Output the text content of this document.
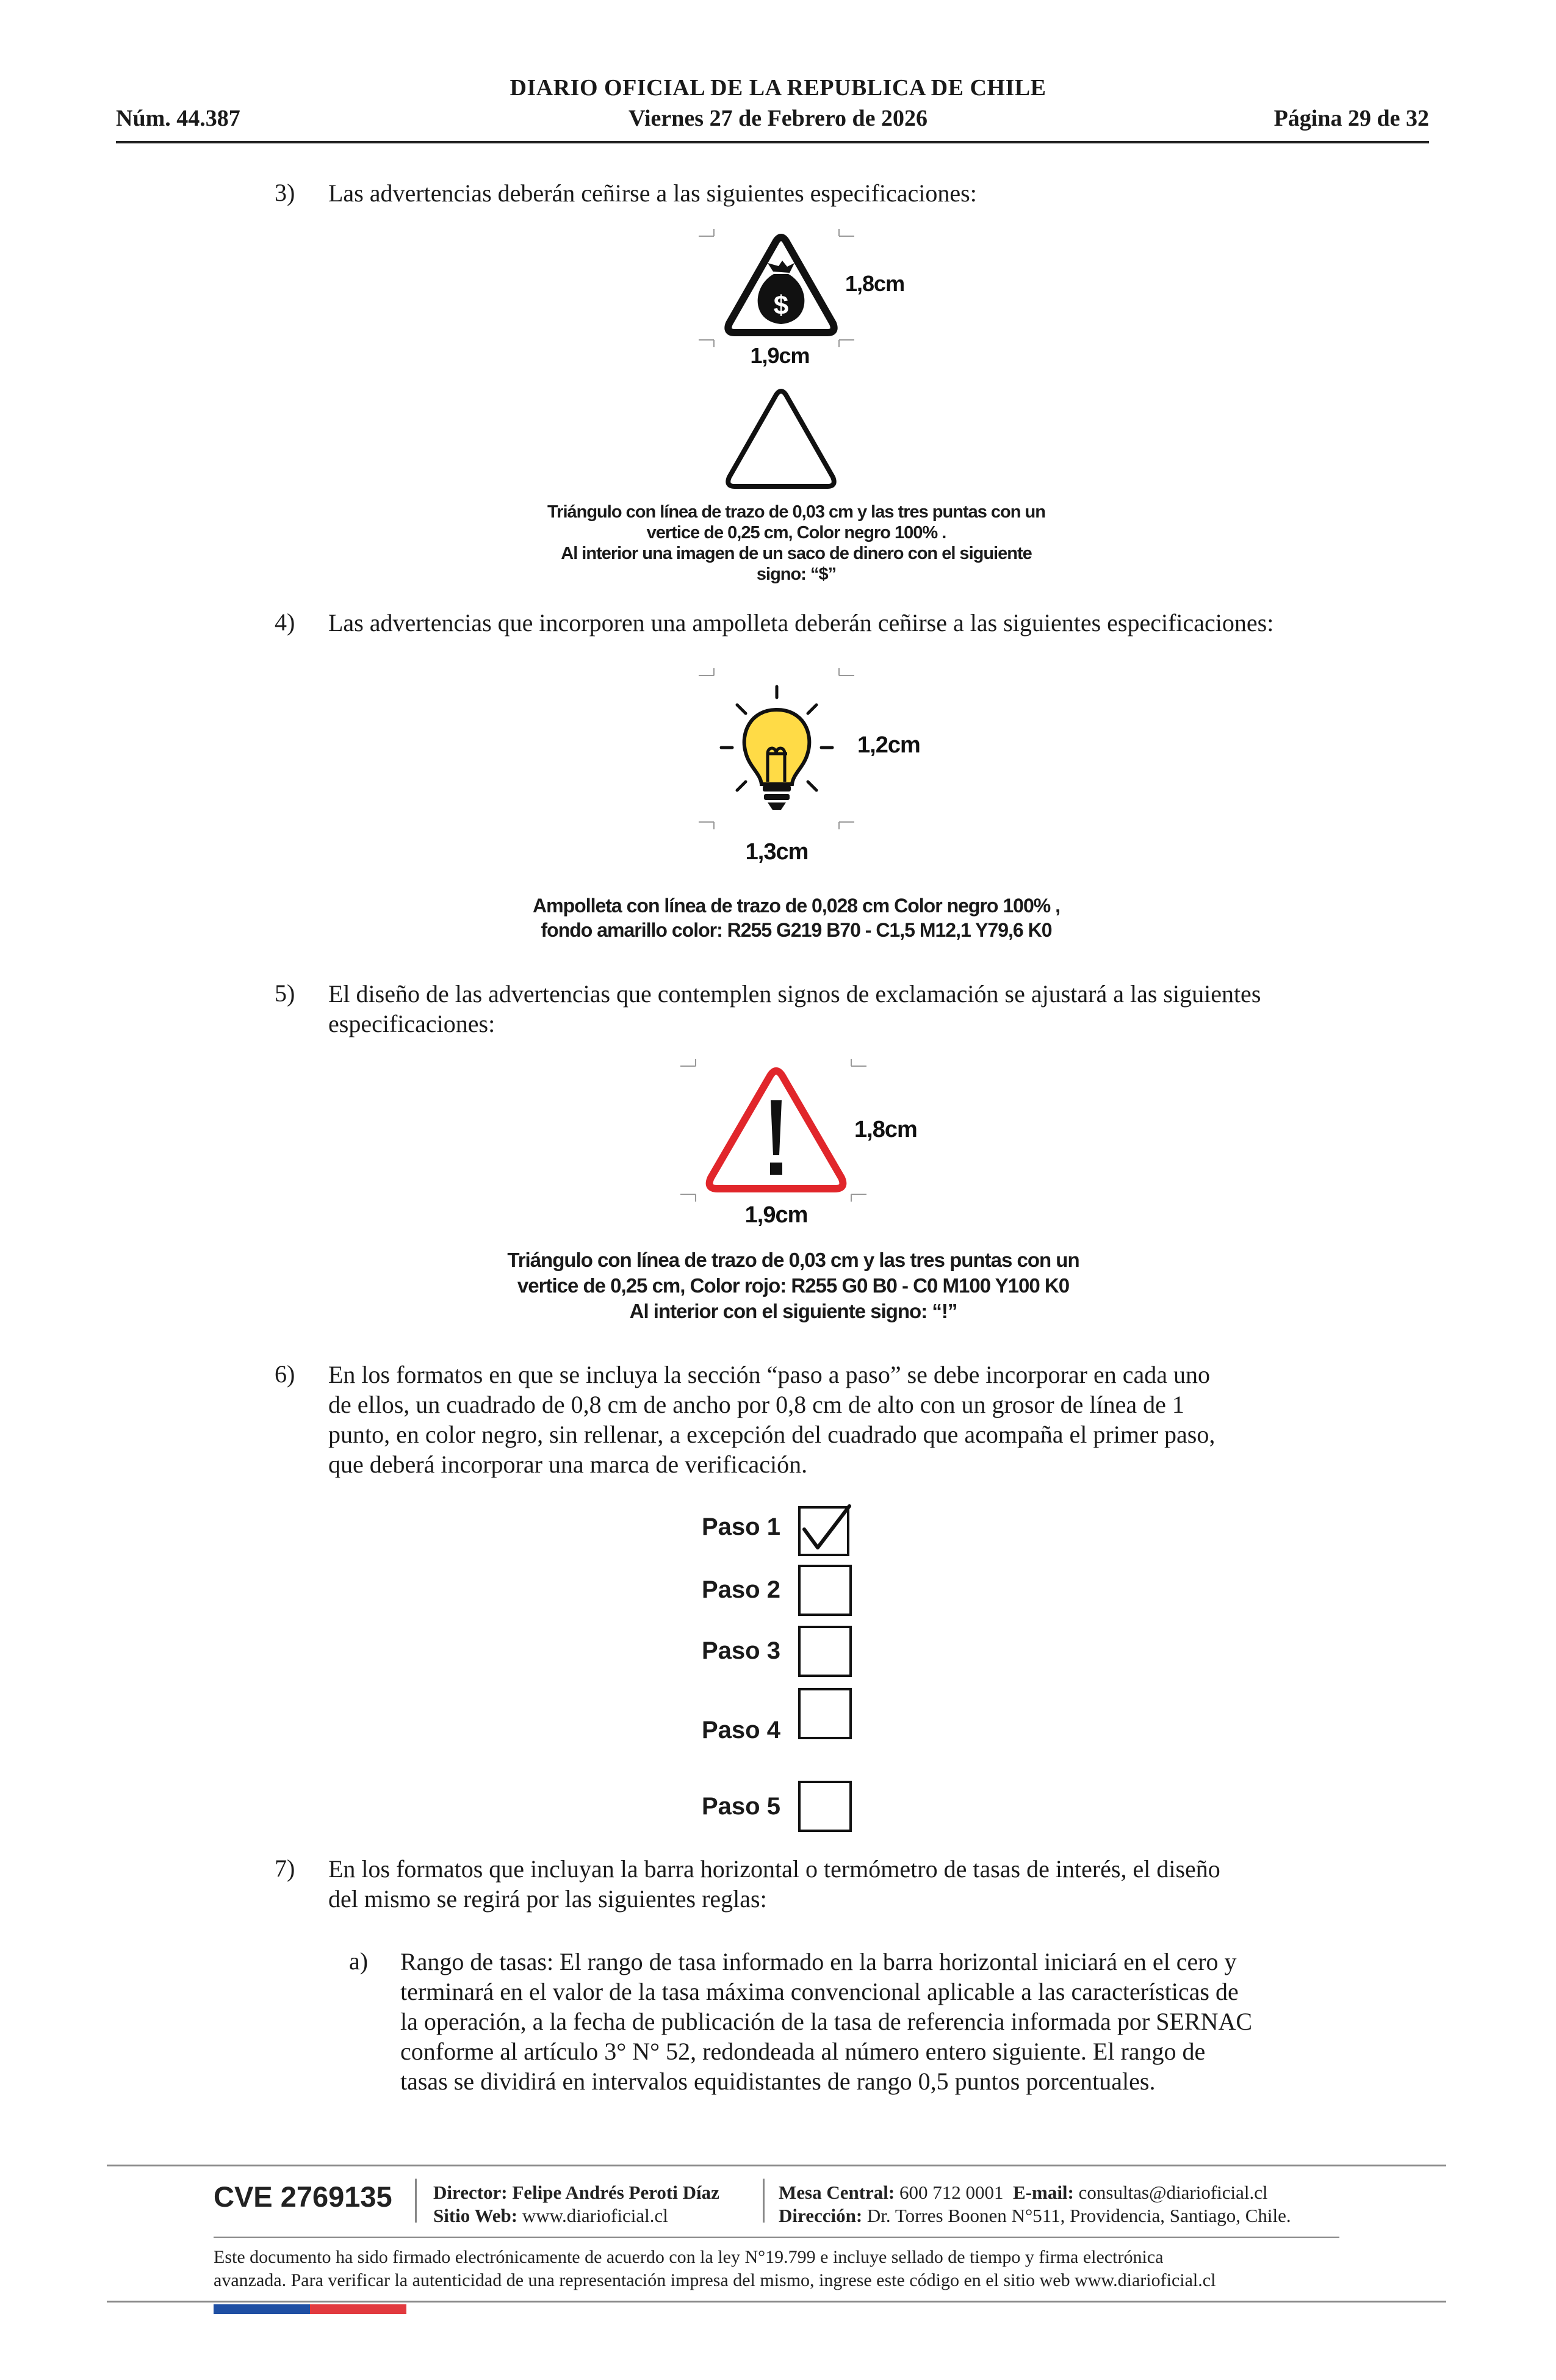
DIARIO OFICIAL DE LA REPUBLICA DE CHILE
Núm. 44.387	Viernes 27 de Febrero de 2026	Página 29 de 32
3) Las advertencias deberán ceñirse a las siguientes especificaciones:
$
1,8cm
1,9cm
Triángulo con línea de trazo de 0,03 cm y las tres puntas con un
vertice de 0,25 cm, Color negro 100% .
Al interior una imagen de un saco de dinero con el siguiente
signo: “$”
4) Las advertencias que incorporen una ampolleta deberán ceñirse a las siguientes especificaciones:
1,2cm
1,3cm
Ampolleta con línea de trazo de 0,028 cm Color negro 100% ,
fondo amarillo color: R255 G219 B70 - C1,5 M12,1 Y79,6 K0
5) El diseño de las advertencias que contemplen signos de exclamación se ajustará a las siguientes
especificaciones:
1,8cm
1,9cm
Triángulo con línea de trazo de 0,03 cm y las tres puntas con un
vertice de 0,25 cm, Color rojo: R255 G0 B0 - C0 M100 Y100 K0
Al interior con el siguiente signo: “!”
6) En los formatos en que se incluya la sección “paso a paso” se debe incorporar en cada uno
de ellos, un cuadrado de 0,8 cm de ancho por 0,8 cm de alto con un grosor de línea de 1
punto, en color negro, sin rellenar, a excepción del cuadrado que acompaña el primer paso,
que deberá incorporar una marca de verificación.
Paso 1
Paso 2
Paso 3
Paso 4
Paso 5
7) En los formatos que incluyan la barra horizontal o termómetro de tasas de interés, el diseño
del mismo se regirá por las siguientes reglas:
a) Rango de tasas: El rango de tasa informado en la barra horizontal iniciará en el cero y
terminará en el valor de la tasa máxima convencional aplicable a las características de
la operación, a la fecha de publicación de la tasa de referencia informada por SERNAC
conforme al artículo 3° N° 52, redondeada al número entero siguiente. El rango de
tasas se dividirá en intervalos equidistantes de rango 0,5 puntos porcentuales.
CVE 2769135 Director: Felipe Andrés Peroti Díaz
Sitio Web: www.diarioficial.cl
Mesa Central: 600 712 0001 E-mail: consultas@diarioficial.cl
Dirección: Dr. Torres Boonen N°511, Providencia, Santiago, Chile.
Este documento ha sido firmado electrónicamente de acuerdo con la ley N°19.799 e incluye sellado de tiempo y firma electrónica
avanzada. Para verificar la autenticidad de una representación impresa del mismo, ingrese este código en el sitio web www.diarioficial.cl
